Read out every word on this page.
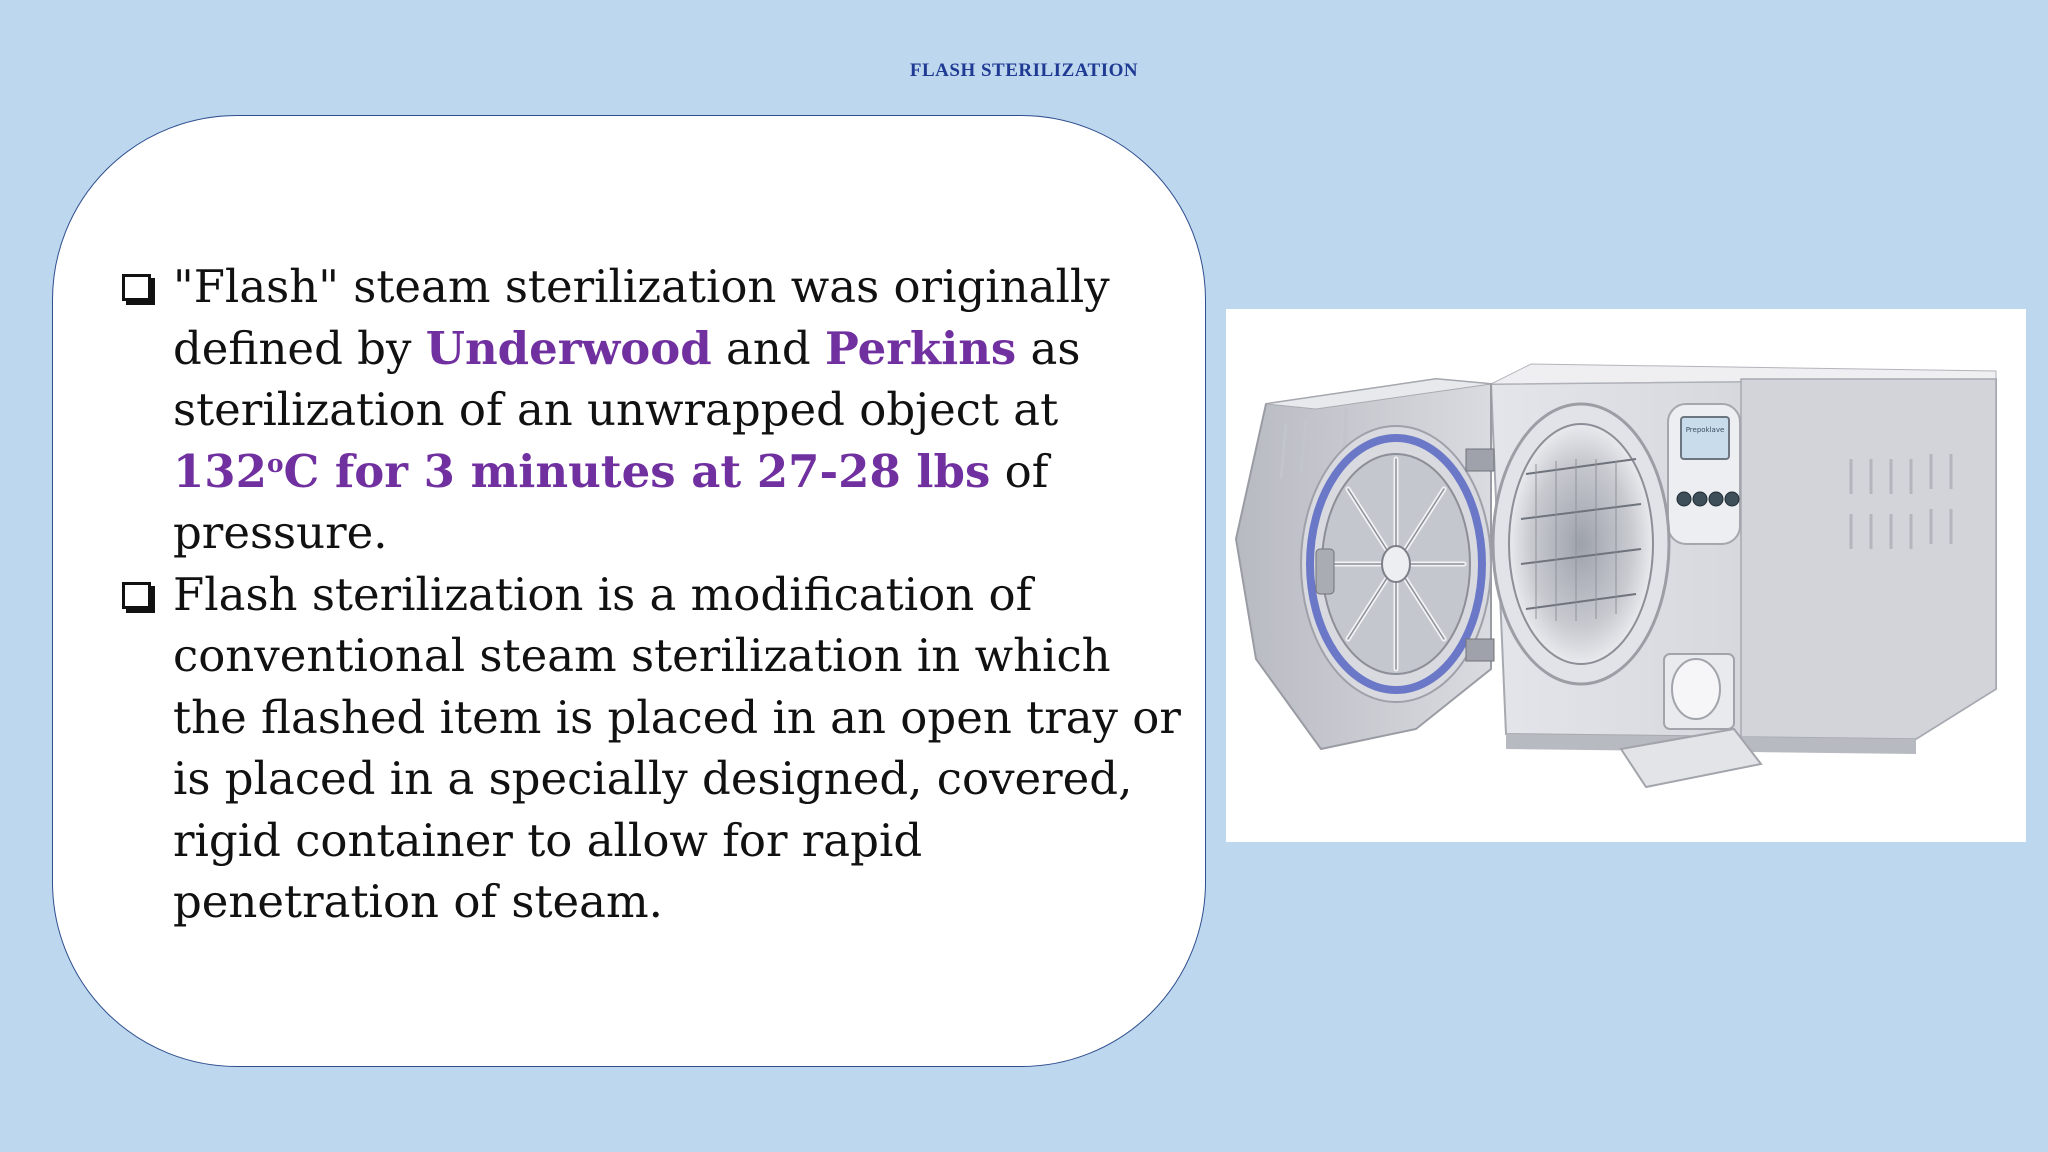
FLASH STERILIZATION
"Flash" steam sterilization was originally defined by Underwood and Perkins as sterilization of an unwrapped object at 132$^o$C for 3 minutes at 27-28 lbs of pressure.
Flash sterilization is a modification of conventional steam sterilization in which the flashed item is placed in an open tray or is placed in a specially designed, covered, rigid container to allow for rapid penetration of steam.
Prepoklave
